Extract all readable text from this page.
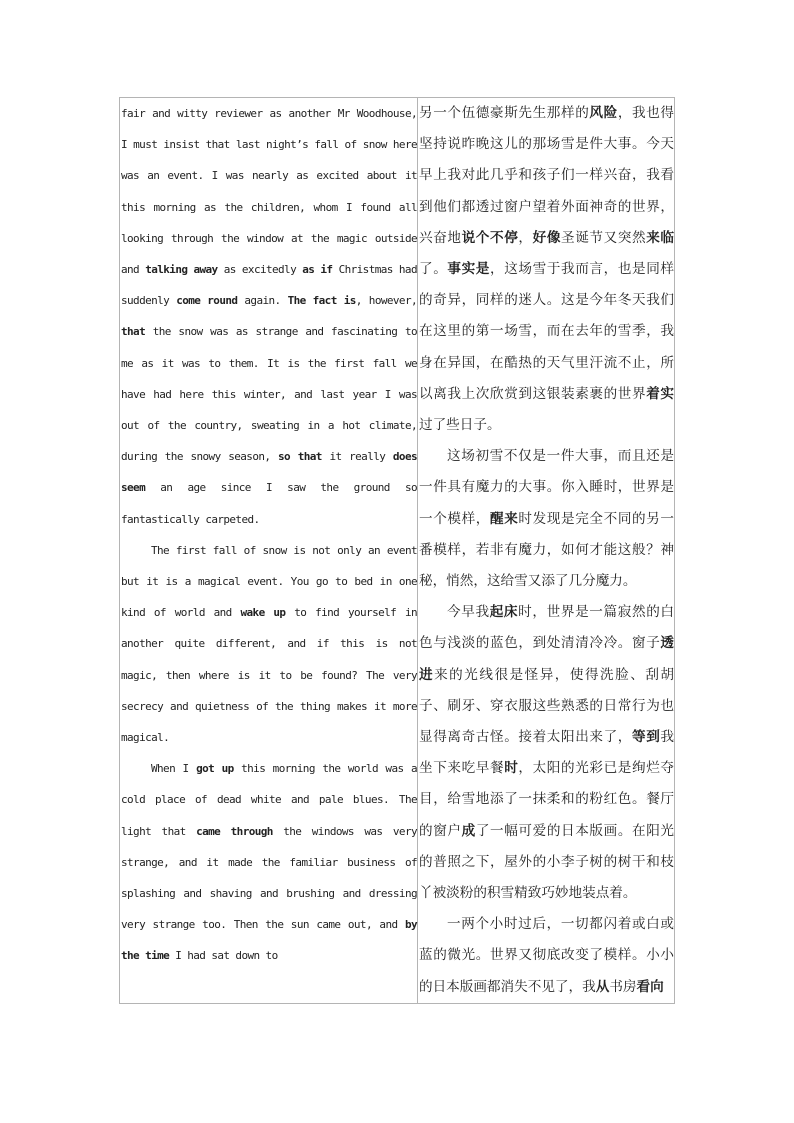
fair and witty reviewer as another Mr Woodhouse, I must insist that last night’s fall of snow here was an event. I was nearly as excited about it this morning as the children, whom I found all looking through the window at the magic outside and talking away as excitedly as if Christmas had suddenly come round again. The fact is, however, that the snow was as strange and fascinating to me as it was to them. It is the first fall we have had here this winter, and last year I was out of the country, sweating in a hot climate, during the snowy season, so that it really does seem an age since I saw the ground so fantastically carpeted.

The first fall of snow is not only an event but it is a magical event. You go to bed in one kind of world and wake up to find yourself in another quite different, and if this is not magic, then where is it to be found? The very secrecy and quietness of the thing makes it more magical.

When I got up this morning the world was a cold place of dead white and pale blues. The light that came through the windows was very strange, and it made the familiar business of splashing and shaving and brushing and dressing very strange too. Then the sun came out, and by the time I had sat down to

另一个伍德豪斯先生那样的风险，我也得坚持说昨晚这儿的那场雪是件大事。今天早上我对此几乎和孩子们一样兴奋，我看到他们都透过窗户望着外面神奇的世界，兴奋地说个不停，好像圣诞节又突然来临了。事实是，这场雪于我而言，也是同样的奇异，同样的迷人。这是今年冬天我们在这里的第一场雪，而在去年的雪季，我身在异国，在酷热的天气里汗流不止，所以离我上次欣赏到这银装素裹的世界着实过了些日子。

这场初雪不仅是一件大事，而且还是一件具有魔力的大事。你入睡时，世界是一个模样，醒来时发现是完全不同的另一番模样，若非有魔力，如何才能这般？神秘，悄然，这给雪又添了几分魔力。

今早我起床时，世界是一篇寂然的白色与浅淡的蓝色，到处清清冷冷。窗子透进来的光线很是怪异，使得洗脸、刮胡子、刷牙、穿衣服这些熟悉的日常行为也显得离奇古怪。接着太阳出来了，等到我坐下来吃早餐时，太阳的光彩已是绚烂夺目，给雪地添了一抹柔和的粉红色。餐厅的窗户成了一幅可爱的日本版画。在阳光的普照之下，屋外的小李子树的树干和枝丫被淡粉的积雪精致巧妙地装点着。

一两个小时过后，一切都闪着或白或蓝的微光。世界又彻底改变了模样。小小的日本版画都消失不见了，我从书房看向
